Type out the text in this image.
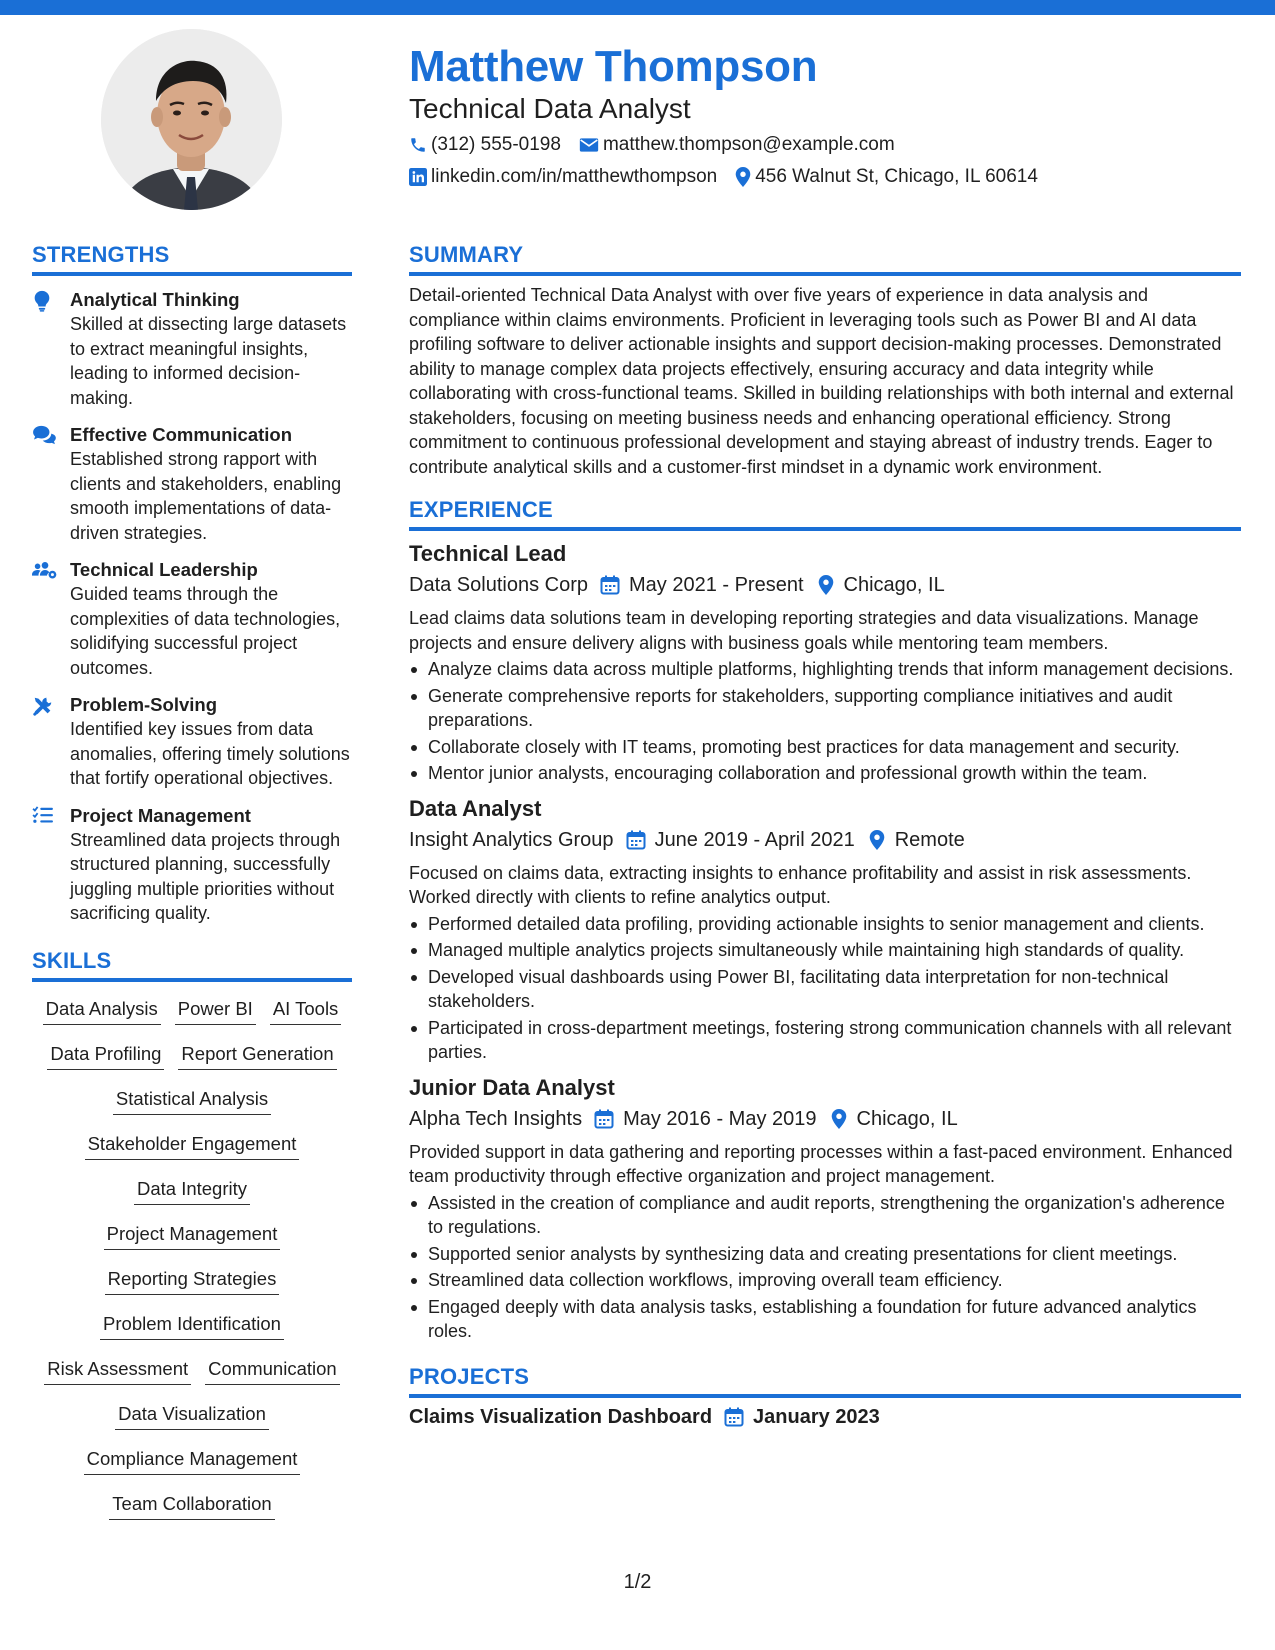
Matthew Thompson
Technical Data Analyst
(312) 555-0198 matthew.thompson@example.com
linkedin.com/in/matthewthompson 456 Walnut St, Chicago, IL 60614
STRENGTHS
Analytical Thinking
Skilled at dissecting large datasets to extract meaningful insights, leading to informed decision-making.
Effective Communication
Established strong rapport with clients and stakeholders, enabling smooth implementations of data-driven strategies.
Technical Leadership
Guided teams through the complexities of data technologies, solidifying successful project outcomes.
Problem-Solving
Identified key issues from data anomalies, offering timely solutions that fortify operational objectives.
Project Management
Streamlined data projects through structured planning, successfully juggling multiple priorities without sacrificing quality.
SKILLS
Data Analysis Power BI AI Tools
Data Profiling Report Generation
Statistical Analysis
Stakeholder Engagement
Data Integrity
Project Management
Reporting Strategies
Problem Identification
Risk Assessment Communication
Data Visualization
Compliance Management
Team Collaboration
SUMMARY
Detail-oriented Technical Data Analyst with over five years of experience in data analysis and compliance within claims environments. Proficient in leveraging tools such as Power BI and AI data profiling software to deliver actionable insights and support decision-making processes. Demonstrated ability to manage complex data projects effectively, ensuring accuracy and data integrity while collaborating with cross-functional teams. Skilled in building relationships with both internal and external stakeholders, focusing on meeting business needs and enhancing operational efficiency. Strong commitment to continuous professional development and staying abreast of industry trends. Eager to contribute analytical skills and a customer-first mindset in a dynamic work environment.
EXPERIENCE
Technical Lead
Data Solutions Corp May 2021 - Present Chicago, IL
Lead claims data solutions team in developing reporting strategies and data visualizations. Manage projects and ensure delivery aligns with business goals while mentoring team members.
Analyze claims data across multiple platforms, highlighting trends that inform management decisions.
Generate comprehensive reports for stakeholders, supporting compliance initiatives and audit preparations.
Collaborate closely with IT teams, promoting best practices for data management and security.
Mentor junior analysts, encouraging collaboration and professional growth within the team.
Data Analyst
Insight Analytics Group June 2019 - April 2021 Remote
Focused on claims data, extracting insights to enhance profitability and assist in risk assessments. Worked directly with clients to refine analytics output.
Performed detailed data profiling, providing actionable insights to senior management and clients.
Managed multiple analytics projects simultaneously while maintaining high standards of quality.
Developed visual dashboards using Power BI, facilitating data interpretation for non-technical stakeholders.
Participated in cross-department meetings, fostering strong communication channels with all relevant parties.
Junior Data Analyst
Alpha Tech Insights May 2016 - May 2019 Chicago, IL
Provided support in data gathering and reporting processes within a fast-paced environment. Enhanced team productivity through effective organization and project management.
Assisted in the creation of compliance and audit reports, strengthening the organization's adherence to regulations.
Supported senior analysts by synthesizing data and creating presentations for client meetings.
Streamlined data collection workflows, improving overall team efficiency.
Engaged deeply with data analysis tasks, establishing a foundation for future advanced analytics roles.
PROJECTS
Claims Visualization Dashboard January 2023
1/2
